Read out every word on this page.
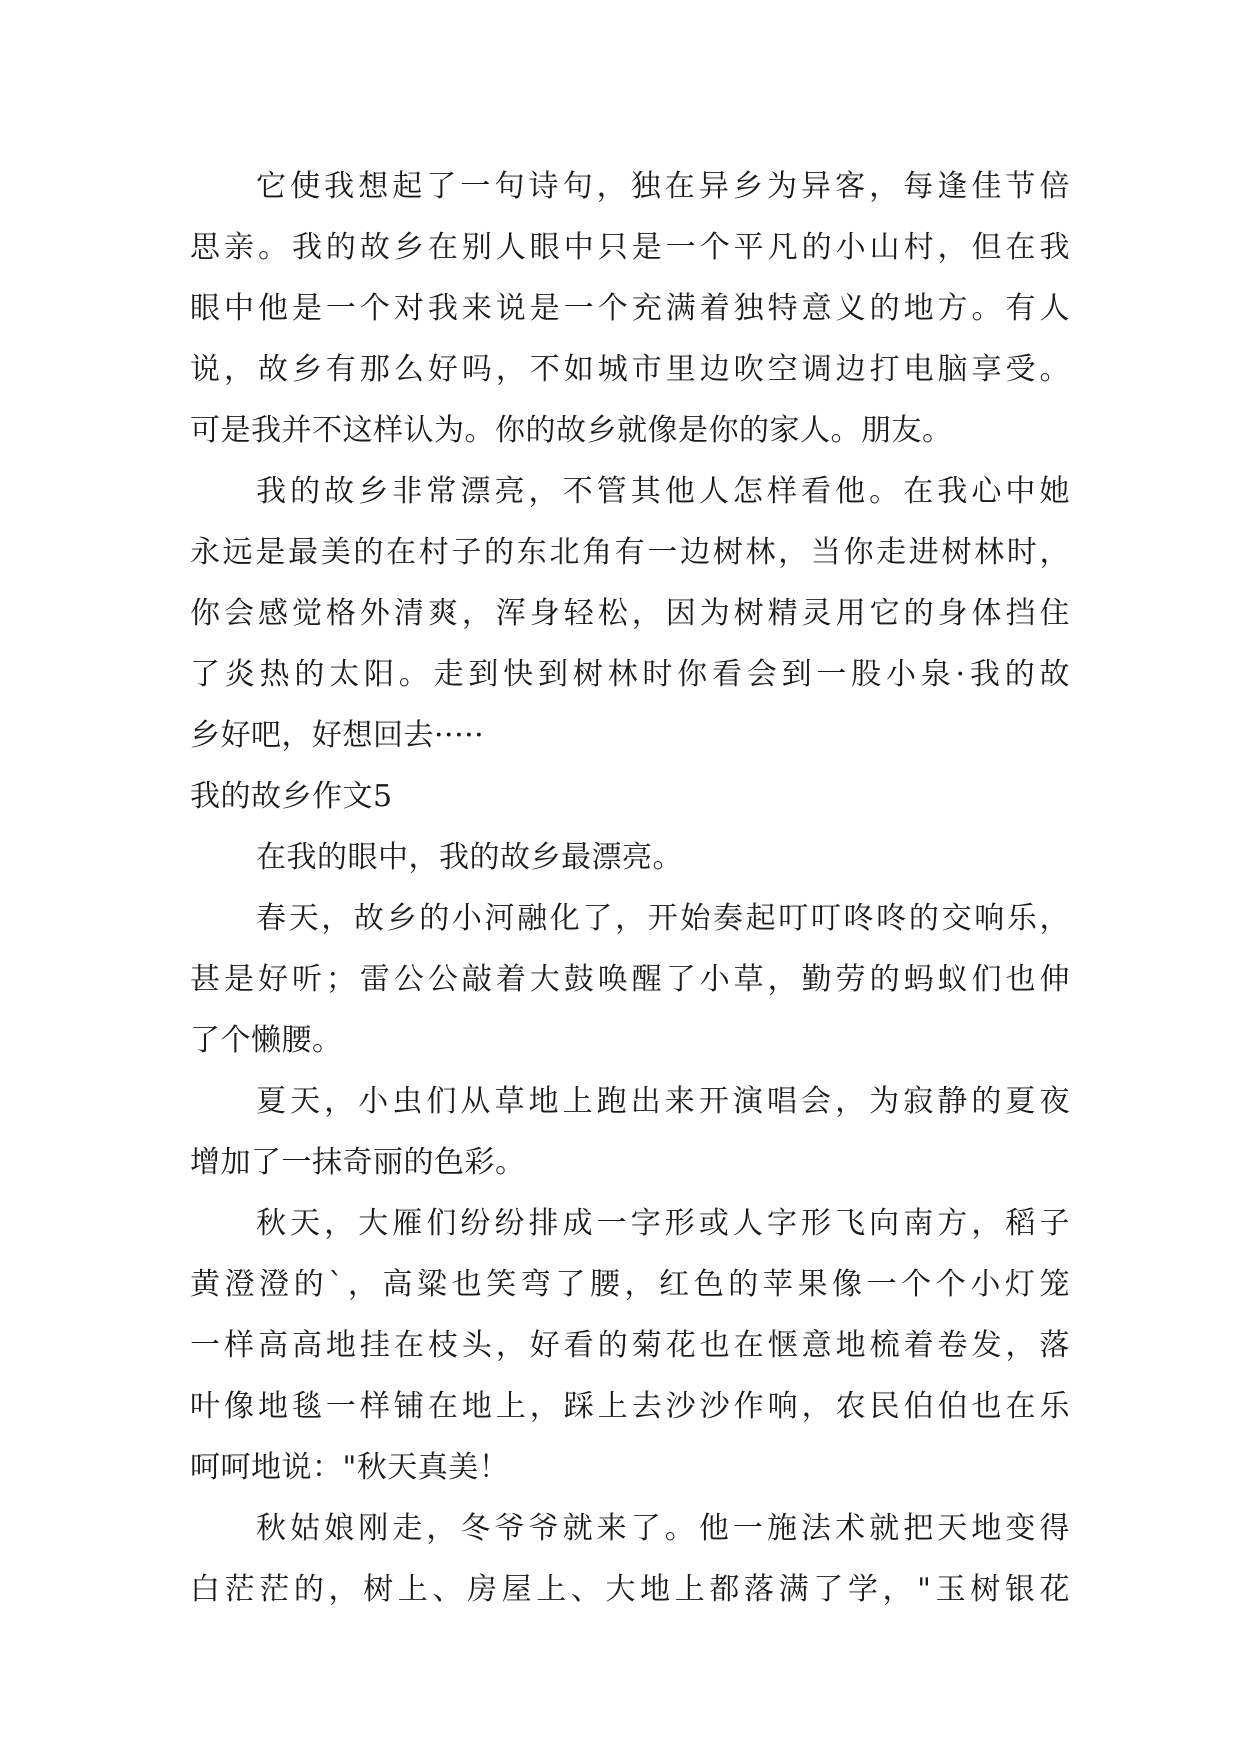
它使我想起了一句诗句，独在异乡为异客，每逢佳节倍
思亲。我的故乡在别人眼中只是一个平凡的小山村，但在我
眼中他是一个对我来说是一个充满着独特意义的地方。有人
说，故乡有那么好吗，不如城市里边吹空调边打电脑享受。
可是我并不这样认为。你的故乡就像是你的家人。朋友。
我的故乡非常漂亮，不管其他人怎样看他。在我心中她
永远是最美的在村子的东北角有一边树林，当你走进树林时，
你会感觉格外清爽，浑身轻松，因为树精灵用它的身体挡住
了炎热的太阳。走到快到树林时你看会到一股小泉·我的故
乡好吧，好想回去·····
我的故乡作文5
在我的眼中，我的故乡最漂亮。
春天，故乡的小河融化了，开始奏起叮叮咚咚的交响乐，
甚是好听；雷公公敲着大鼓唤醒了小草，勤劳的蚂蚁们也伸
了个懒腰。
夏天，小虫们从草地上跑出来开演唱会，为寂静的夏夜
增加了一抹奇丽的色彩。
秋天，大雁们纷纷排成一字形或人字形飞向南方，稻子
黄澄澄的`，高粱也笑弯了腰，红色的苹果像一个个小灯笼
一样高高地挂在枝头，好看的菊花也在惬意地梳着卷发，落
叶像地毯一样铺在地上，踩上去沙沙作响，农民伯伯也在乐
呵呵地说："秋天真美！
秋姑娘刚走，冬爷爷就来了。他一施法术就把天地变得
白茫茫的，树上、房屋上、大地上都落满了学，"玉树银花
